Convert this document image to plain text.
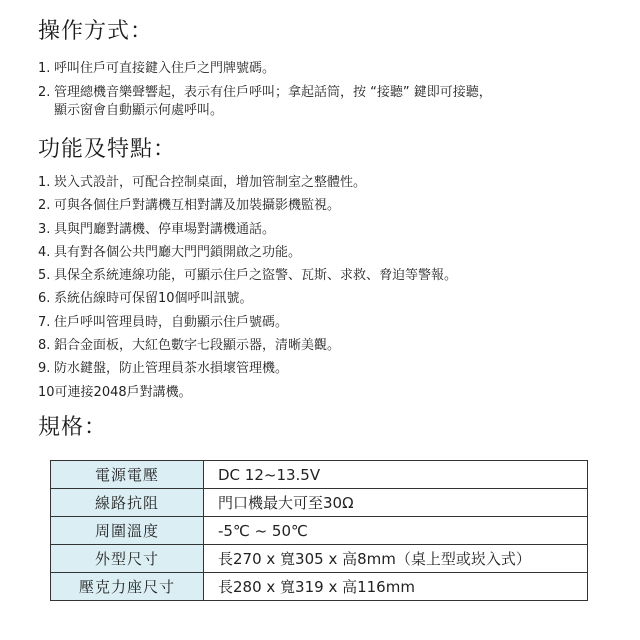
操作方式：
1. 呼叫住戶可直接鍵入住戶之門牌號碼。
2. 管理總機音樂聲響起，表示有住戶呼叫；拿起話筒，按 “接聽” 鍵即可接聽，
顯示窗會自動顯示何處呼叫。
功能及特點：
1. 崁入式設計，可配合控制桌面，增加管制室之整體性。
2. 可與各個住戶對講機互相對講及加裝攝影機監視。
3. 具與門廳對講機、停車場對講機通話。
4. 具有對各個公共門廳大門門鎖開啟之功能。
5. 具保全系統連線功能，可顯示住戶之盜警、瓦斯、求救、脅迫等警報。
6. 系統佔線時可保留10個呼叫訊號。
7. 住戶呼叫管理員時，自動顯示住戶號碼。
8. 鋁合金面板，大紅色數字七段顯示器，清晰美觀。
9. 防水鍵盤，防止管理員茶水損壞管理機。
10可連接2048戶對講機。
規格：
電源電壓	DC 12~13.5V
線路抗阻	門口機最大可至30Ω
周圍溫度	-5℃ ~ 50℃
外型尺寸	長270 x 寬305 x 高8mm（桌上型或崁入式）
壓克力座尺寸	長280 x 寬319 x 高116mm
